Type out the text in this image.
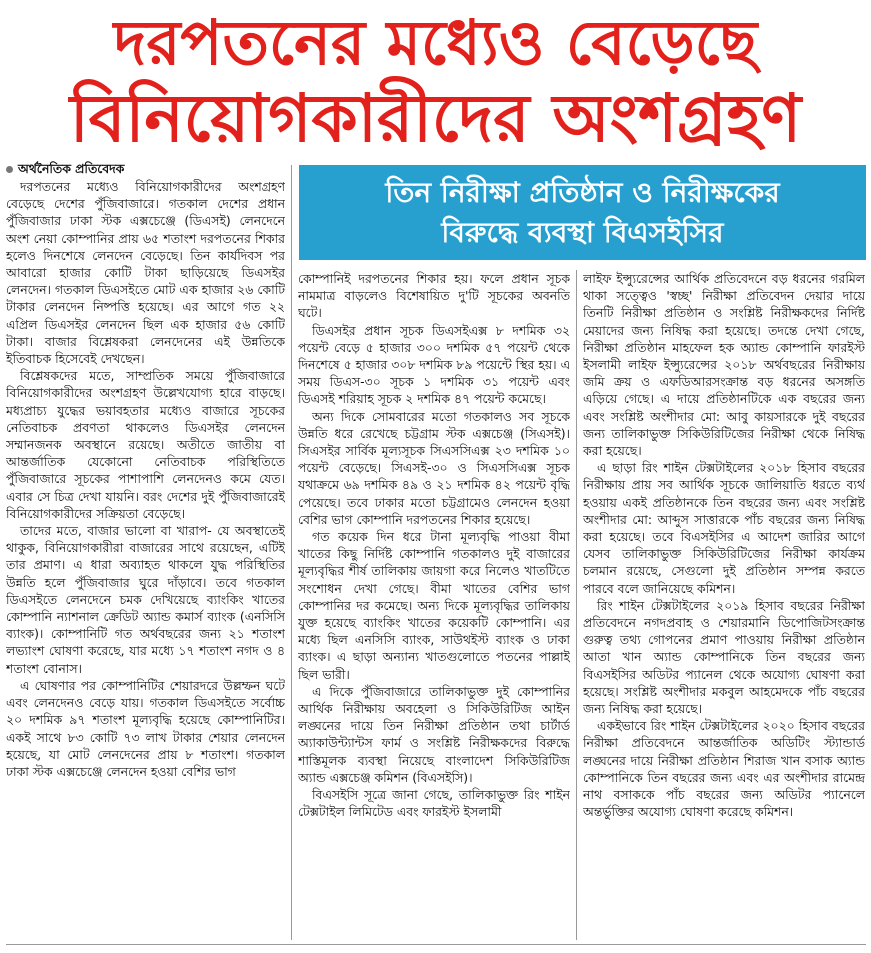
দরপতনের মধ্যেও বেড়েছে
বিনিয়োগকারীদের অংশগ্রহণ
তিন নিরীক্ষা প্রতিষ্ঠান ও নিরীক্ষকের
বিরুদ্ধে ব্যবস্থা বিএসইসির

অর্থনৈতিক প্রতিবেদক

দরপতনের মধ্যেও বিনিয়োগকারীদের অংশগ্রহণ বেড়েছে দেশের পুঁজিবাজারে। গতকাল দেশের প্রধান পুঁজিবাজার ঢাকা স্টক এক্সচেঞ্জে (ডিএসই) লেনদেনে অংশ নেয়া কোম্পানির প্রায় ৬৫ শতাংশ দরপতনের শিকার হলেও দিনশেষে লেনদেন বেড়েছে। তিন কার্যদিবস পর আবারো হাজার কোটি টাকা ছাড়িয়েছে ডিএসইর লেনদেন। গতকাল ডিএসইতে মোট এক হাজার ২৬ কোটি টাকার লেনদেন নিষ্পত্তি হয়েছে। এর আগে গত ২২ এপ্রিল ডিএসইর লেনদেন ছিল এক হাজার ৫৬ কোটি টাকা। বাজার বিশ্লেষকরা লেনদেনের এই উন্নতিকে ইতিবাচক হিসেবেই দেখছেন।

বিশ্লেষকদের মতে, সাম্প্রতিক সময়ে পুঁজিবাজারে বিনিয়োগকারীদের অংশগ্রহণ উল্লেখযোগ্য হারে বাড়ছে। মধ্যপ্রাচ্য যুদ্ধের ভয়াবহতার মধ্যেও বাজারে সূচকের নেতিবাচক প্রবণতা থাকলেও ডিএসইর লেনদেন সম্মানজনক অবস্থানে রয়েছে। অতীতে জাতীয় বা আন্তর্জাতিক যেকোনো নেতিবাচক পরিস্থিতিতে পুঁজিবাজারে সূচকের পাশাপাশি লেনদেনও কমে যেত। এবার সে চিত্র দেখা যায়নি। বরং দেশের দুই পুঁজিবাজারেই বিনিয়োগকারীদের সক্রিয়তা বেড়েছে।

তাদের মতে, বাজার ভালো বা খারাপ- যে অবস্থাতেই থাকুক, বিনিয়োগকারীরা বাজারের সাথে রয়েছেন, এটিই তার প্রমাণ। এ ধারা অব্যাহত থাকলে যুদ্ধ পরিস্থিতির উন্নতি হলে পুঁজিবাজার ঘুরে দাঁড়াবে। তবে গতকাল ডিএসইতে লেনদেনে চমক দেখিয়েছে ব্যাংকিং খাতের কোম্পানি ন্যাশনাল ক্রেডিট অ্যান্ড কমার্স ব্যাংক (এনসিসি ব্যাংক)। কোম্পানিটি গত অর্থবছরের জন্য ২১ শতাংশ লভ্যাংশ ঘোষণা করেছে, যার মধ্যে ১৭ শতাংশ নগদ ও ৪ শতাংশ বোনাস।

এ ঘোষণার পর কোম্পানিটির শেয়ারদরে উল্লম্ফন ঘটে এবং লেনদেনও বেড়ে যায়। গতকাল ডিএসইতে সর্বোচ্চ ২০ দশমিক ৯৭ শতাংশ মূল্যবৃদ্ধি হয়েছে কোম্পানিটির। একই সাথে ৮৩ কোটি ৭৩ লাখ টাকার শেয়ার লেনদেন হয়েছে, যা মোট লেনদেনের প্রায় ৮ শতাংশ। গতকাল ঢাকা স্টক এক্সচেঞ্জে লেনদেন হওয়া বেশির ভাগ

কোম্পানিই দরপতনের শিকার হয়। ফলে প্রধান সূচক নামমাত্র বাড়লেও বিশেষায়িত দু'টি সূচকের অবনতি ঘটে।

ডিএসইর প্রধান সূচক ডিএসইএক্স ৮ দশমিক ৩২ পয়েন্ট বেড়ে ৫ হাজার ৩০০ দশমিক ৫৭ পয়েন্ট থেকে দিনশেষে ৫ হাজার ৩০৮ দশমিক ৮৯ পয়েন্টে স্থির হয়। এ সময় ডিএস-৩০ সূচক ১ দশমিক ৩১ পয়েন্ট এবং ডিএসই শরিয়াহ সূচক ২ দশমিক ৪৭ পয়েন্ট কমেছে।

অন্য দিকে সোমবারের মতো গতকালও সব সূচকে উন্নতি ধরে রেখেছে চট্টগ্রাম স্টক এক্সচেঞ্জ (সিএসই)। সিএসইর সার্বিক মূল্যসূচক সিএসসিএক্স ২৩ দশমিক ১০ পয়েন্ট বেড়েছে। সিএসই-৩০ ও সিএসসিএক্স সূচক যথাক্রমে ৬৯ দশমিক ৪৯ ও ২১ দশমিক ৪২ পয়েন্ট বৃদ্ধি পেয়েছে। তবে ঢাকার মতো চট্টগ্রামেও লেনদেন হওয়া বেশির ভাগ কোম্পানি দরপতনের শিকার হয়েছে।

গত কয়েক দিন ধরে টানা মূল্যবৃদ্ধি পাওয়া বীমা খাতের কিছু নির্দিষ্ট কোম্পানি গতকালও দুই বাজারের মূল্যবৃদ্ধির শীর্ষ তালিকায় জায়গা করে নিলেও খাতটিতে সংশোধন দেখা গেছে। বীমা খাতের বেশির ভাগ কোম্পানির দর কমেছে। অন্য দিকে মূল্যবৃদ্ধির তালিকায় যুক্ত হয়েছে ব্যাংকিং খাতের কয়েকটি কোম্পানি। এর মধ্যে ছিল এনসিসি ব্যাংক, সাউথইস্ট ব্যাংক ও ঢাকা ব্যাংক। এ ছাড়া অন্যান্য খাতগুলোতে পতনের পাল্লাই ছিল ভারী।

এ দিকে পুঁজিবাজারে তালিকাভুক্ত দুই কোম্পানির আর্থিক নিরীক্ষায় অবহেলা ও সিকিউরিটিজ আইন লঙ্ঘনের দায়ে তিন নিরীক্ষা প্রতিষ্ঠান তথা চার্টার্ড অ্যাকাউন্ট্যান্টস ফার্ম ও সংশ্লিষ্ট নিরীক্ষকদের বিরুদ্ধে শাস্তিমূলক ব্যবস্থা নিয়েছে বাংলাদেশ সিকিউরিটিজ অ্যান্ড এক্সচেঞ্জ কমিশন (বিএসইসি)।

বিএসইসি সূত্রে জানা গেছে, তালিকাভুক্ত রিং শাইন টেক্সটাইল লিমিটেড এবং ফারইস্ট ইসলামী

লাইফ ইন্স্যুরেন্সের আর্থিক প্রতিবেদনে বড় ধরনের গরমিল থাকা সত্ত্বেও 'স্বচ্ছ' নিরীক্ষা প্রতিবেদন দেয়ার দায়ে তিনটি নিরীক্ষা প্রতিষ্ঠান ও সংশ্লিষ্ট নিরীক্ষকদের নির্দিষ্ট মেয়াদের জন্য নিষিদ্ধ করা হয়েছে। তদন্তে দেখা গেছে, নিরীক্ষা প্রতিষ্ঠান মাহফেল হক অ্যান্ড কোম্পানি ফারইস্ট ইসলামী লাইফ ইন্স্যুরেন্সের ২০১৮ অর্থবছরের নিরীক্ষায় জমি ক্রয় ও এফডিআরসংক্রান্ত বড় ধরনের অসঙ্গতি এড়িয়ে গেছে। এ দায়ে প্রতিষ্ঠানটিকে এক বছরের জন্য এবং সংশ্লিষ্ট অংশীদার মো: আবু কায়সারকে দুই বছরের জন্য তালিকাভুক্ত সিকিউরিটিজের নিরীক্ষা থেকে নিষিদ্ধ করা হয়েছে।

এ ছাড়া রিং শাইন টেক্সটাইলের ২০১৮ হিসাব বছরের নিরীক্ষায় প্রায় সব আর্থিক সূচকে জালিয়াতি ধরতে ব্যর্থ হওয়ায় একই প্রতিষ্ঠানকে তিন বছরের জন্য এবং সংশ্লিষ্ট অংশীদার মো: আব্দুস সাত্তারকে পাঁচ বছরের জন্য নিষিদ্ধ করা হয়েছে। তবে বিএসইসির এ আদেশ জারির আগে যেসব তালিকাভুক্ত সিকিউরিটিজের নিরীক্ষা কার্যক্রম চলমান রয়েছে, সেগুলো দুই প্রতিষ্ঠান সম্পন্ন করতে পারবে বলে জানিয়েছে কমিশন।

রিং শাইন টেক্সটাইলের ২০১৯ হিসাব বছরের নিরীক্ষা প্রতিবেদনে নগদপ্রবাহ ও শেয়ারমানি ডিপোজিটসংক্রান্ত গুরুত্ব তথ্য গোপনের প্রমাণ পাওয়ায় নিরীক্ষা প্রতিষ্ঠান আতা খান অ্যান্ড কোম্পানিকে তিন বছরের জন্য বিএসইসির অডিটর প্যানেল থেকে অযোগ্য ঘোষণা করা হয়েছে। সংশ্লিষ্ট অংশীদার মকবুল আহমেদকে পাঁচ বছরের জন্য নিষিদ্ধ করা হয়েছে।

একইভাবে রিং শাইন টেক্সটাইলের ২০২০ হিসাব বছরের নিরীক্ষা প্রতিবেদনে আন্তর্জাতিক অডিটিং স্ট্যান্ডার্ড লঙ্ঘনের দায়ে নিরীক্ষা প্রতিষ্ঠান শিরাজ খান বসাক অ্যান্ড কোম্পানিকে তিন বছরের জন্য এবং এর অংশীদার রামেন্দ্র নাথ বসাককে পাঁচ বছরের জন্য অডিটর প্যানেলে অন্তর্ভুক্তির অযোগ্য ঘোষণা করেছে কমিশন।
